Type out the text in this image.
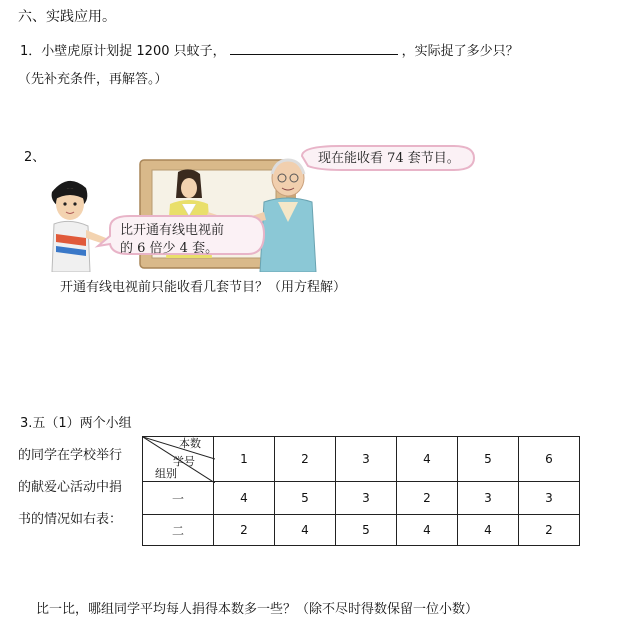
六、实践应用。
1．小壁虎原计划捉 1200 只蚊子，	，实际捉了多少只？
（先补充条件，再解答。）
2、	现在能收看 74 套节目。
比开通有线电视前
的 6 倍少 4 套。
开通有线电视前只能收看几套节目？（用方程解）
3.五（1）两个小组
的同学在学校举行
的献爱心活动中捐
书的情况如右表：
本数
学号
组别	1	2	3	4	5	6
一	4	5	3	2	3	3
二	2	4	5	4	4	2
比一比，哪组同学平均每人捐得本数多一些？（除不尽时得数保留一位小数）
